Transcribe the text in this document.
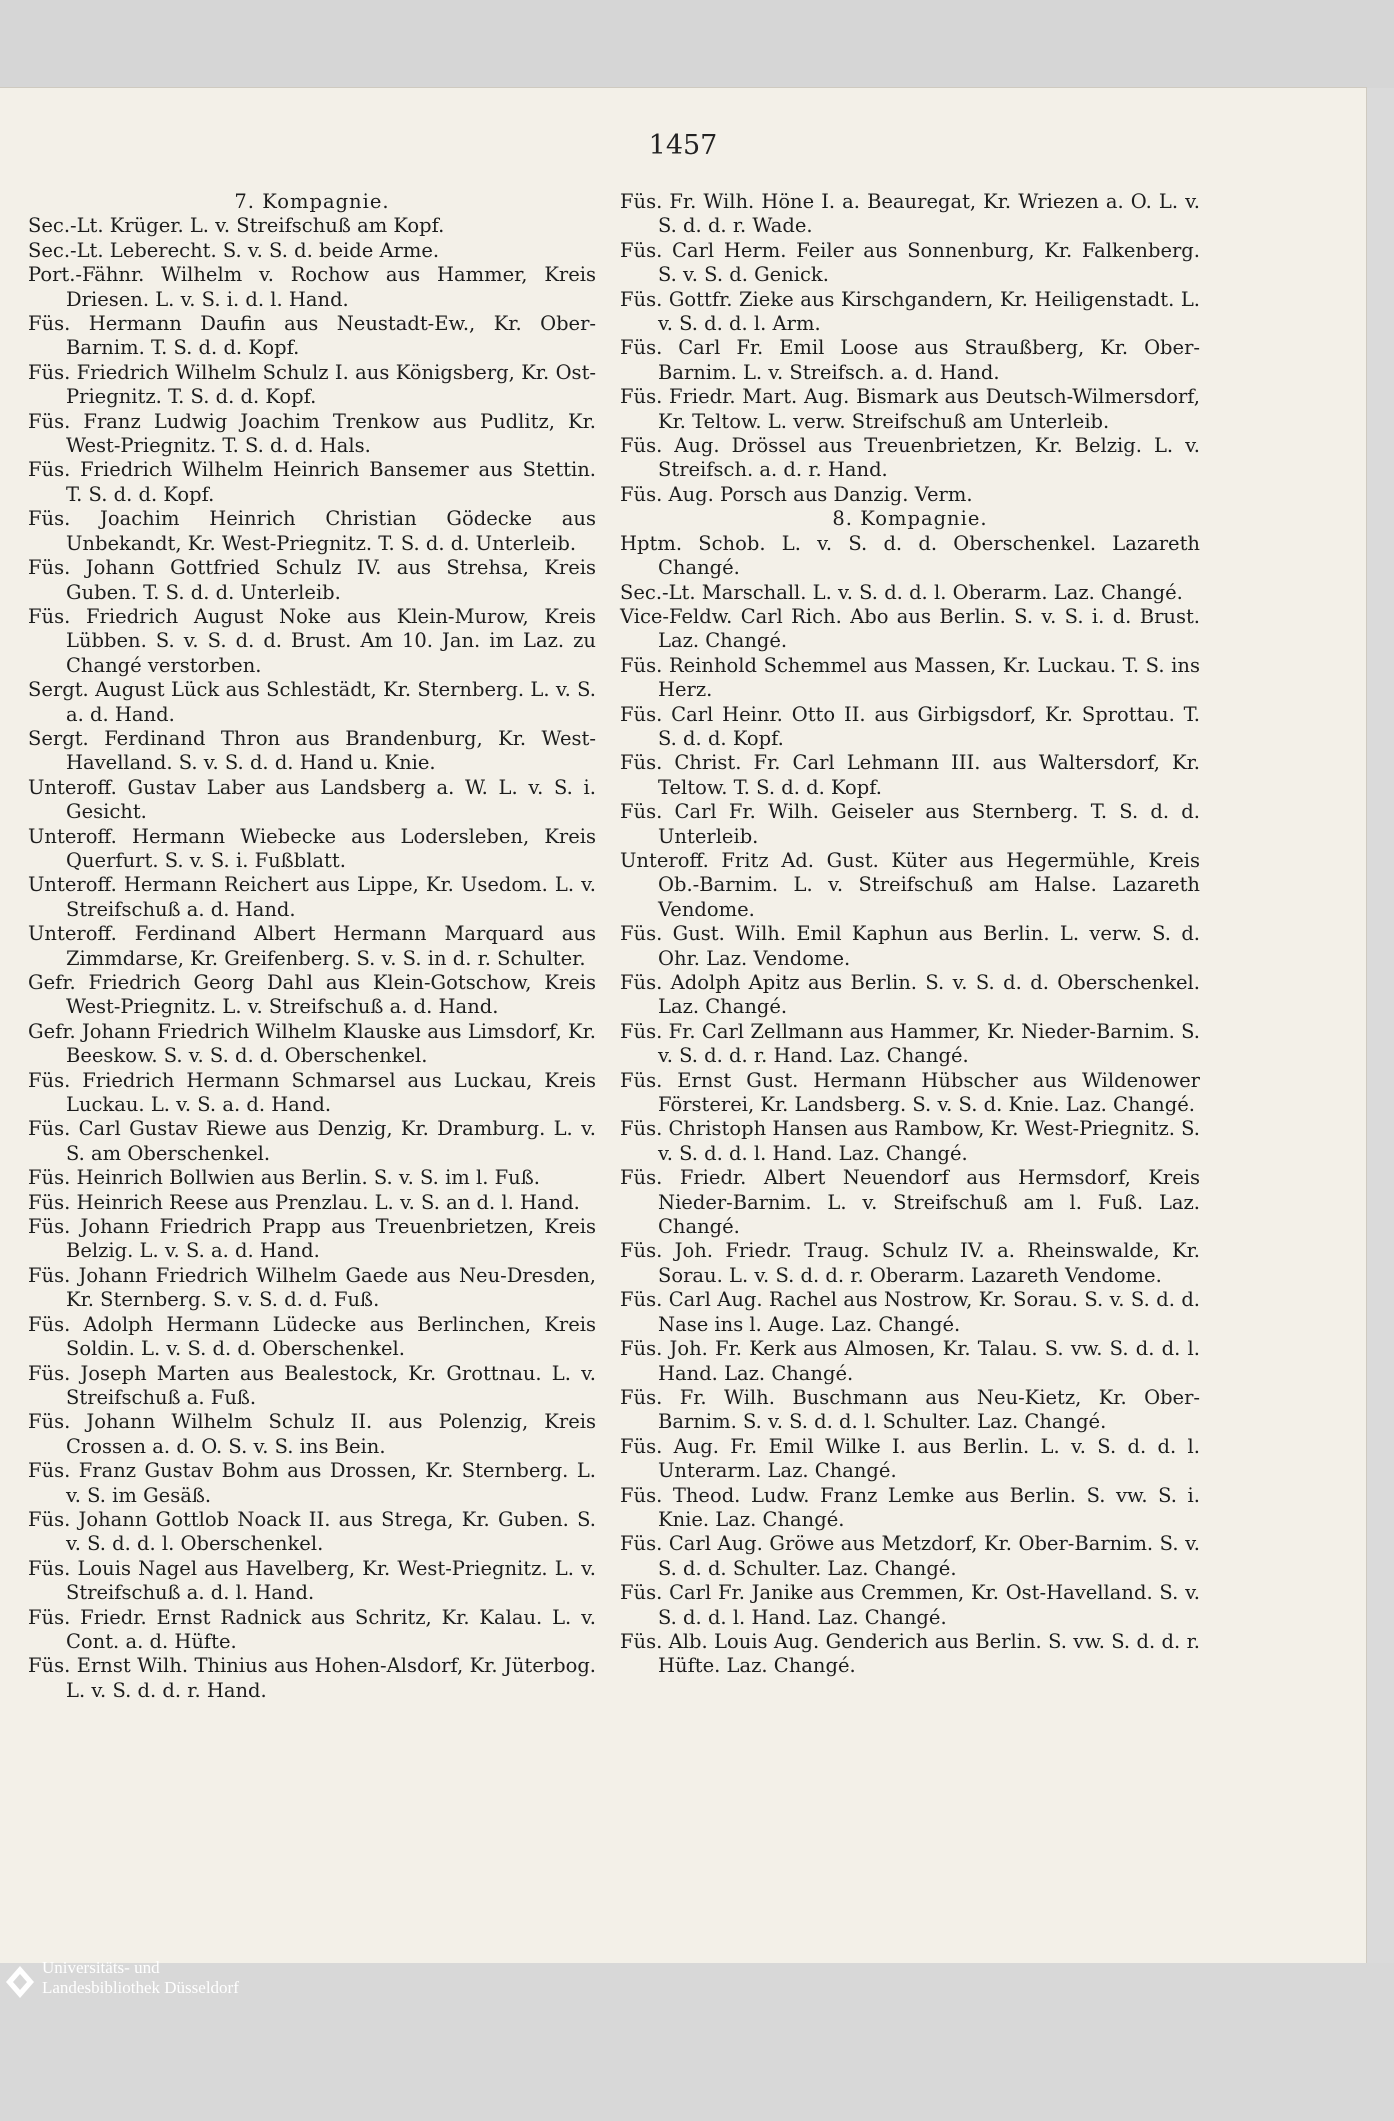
1457

7. Kompagnie.

Sec.-Lt. Krüger. L. v. Streifschuß am Kopf.

Sec.-Lt. Leberecht. S. v. S. d. beide Arme.

Port.-Fähnr. Wilhelm v. Rochow aus Hammer, Kreis Driesen. L. v. S. i. d. l. Hand.

Füs. Hermann Daufin aus Neustadt-Ew., Kr. Ober-Barnim. T. S. d. d. Kopf.

Füs. Friedrich Wilhelm Schulz I. aus Königsberg, Kr. Ost-Priegnitz. T. S. d. d. Kopf.

Füs. Franz Ludwig Joachim Trenkow aus Pudlitz, Kr. West-Priegnitz. T. S. d. d. Hals.

Füs. Friedrich Wilhelm Heinrich Bansemer aus Stettin. T. S. d. d. Kopf.

Füs. Joachim Heinrich Christian Gödecke aus Unbekandt, Kr. West-Priegnitz. T. S. d. d. Unterleib.

Füs. Johann Gottfried Schulz IV. aus Strehsa, Kreis Guben. T. S. d. d. Unterleib.

Füs. Friedrich August Noke aus Klein-Murow, Kreis Lübben. S. v. S. d. d. Brust. Am 10. Jan. im Laz. zu Changé verstorben.

Sergt. August Lück aus Schlestädt, Kr. Sternberg. L. v. S. a. d. Hand.

Sergt. Ferdinand Thron aus Brandenburg, Kr. West-Havelland. S. v. S. d. d. Hand u. Knie.

Unteroff. Gustav Laber aus Landsberg a. W. L. v. S. i. Gesicht.

Unteroff. Hermann Wiebecke aus Lodersleben, Kreis Querfurt. S. v. S. i. Fußblatt.

Unteroff. Hermann Reichert aus Lippe, Kr. Usedom. L. v. Streifschuß a. d. Hand.

Unteroff. Ferdinand Albert Hermann Marquard aus Zimmdarse, Kr. Greifenberg. S. v. S. in d. r. Schulter.

Gefr. Friedrich Georg Dahl aus Klein-Gotschow, Kreis West-Priegnitz. L. v. Streifschuß a. d. Hand.

Gefr. Johann Friedrich Wilhelm Klauske aus Limsdorf, Kr. Beeskow. S. v. S. d. d. Oberschenkel.

Füs. Friedrich Hermann Schmarsel aus Luckau, Kreis Luckau. L. v. S. a. d. Hand.

Füs. Carl Gustav Riewe aus Denzig, Kr. Dramburg. L. v. S. am Oberschenkel.

Füs. Heinrich Bollwien aus Berlin. S. v. S. im l. Fuß.

Füs. Heinrich Reese aus Prenzlau. L. v. S. an d. l. Hand.

Füs. Johann Friedrich Prapp aus Treuenbrietzen, Kreis Belzig. L. v. S. a. d. Hand.

Füs. Johann Friedrich Wilhelm Gaede aus Neu-Dresden, Kr. Sternberg. S. v. S. d. d. Fuß.

Füs. Adolph Hermann Lüdecke aus Berlinchen, Kreis Soldin. L. v. S. d. d. Oberschenkel.

Füs. Joseph Marten aus Bealestock, Kr. Grottnau. L. v. Streifschuß a. Fuß.

Füs. Johann Wilhelm Schulz II. aus Polenzig, Kreis Crossen a. d. O. S. v. S. ins Bein.

Füs. Franz Gustav Bohm aus Drossen, Kr. Sternberg. L. v. S. im Gesäß.

Füs. Johann Gottlob Noack II. aus Strega, Kr. Guben. S. v. S. d. d. l. Oberschenkel.

Füs. Louis Nagel aus Havelberg, Kr. West-Priegnitz. L. v. Streifschuß a. d. l. Hand.

Füs. Friedr. Ernst Radnick aus Schritz, Kr. Kalau. L. v. Cont. a. d. Hüfte.

Füs. Ernst Wilh. Thinius aus Hohen-Alsdorf, Kr. Jüterbog. L. v. S. d. d. r. Hand.

Füs. Fr. Wilh. Höne I. a. Beauregat, Kr. Wriezen a. O. L. v. S. d. d. r. Wade.

Füs. Carl Herm. Feiler aus Sonnenburg, Kr. Falkenberg. S. v. S. d. Genick.

Füs. Gottfr. Zieke aus Kirschgandern, Kr. Heiligenstadt. L. v. S. d. d. l. Arm.

Füs. Carl Fr. Emil Loose aus Straußberg, Kr. Ober-Barnim. L. v. Streifsch. a. d. Hand.

Füs. Friedr. Mart. Aug. Bismark aus Deutsch-Wilmersdorf, Kr. Teltow. L. verw. Streifschuß am Unterleib.

Füs. Aug. Drössel aus Treuenbrietzen, Kr. Belzig. L. v. Streifsch. a. d. r. Hand.

Füs. Aug. Porsch aus Danzig. Verm.

8. Kompagnie.

Hptm. Schob. L. v. S. d. d. Oberschenkel. Lazareth Changé.

Sec.-Lt. Marschall. L. v. S. d. d. l. Oberarm. Laz. Changé.

Vice-Feldw. Carl Rich. Abo aus Berlin. S. v. S. i. d. Brust. Laz. Changé.

Füs. Reinhold Schemmel aus Massen, Kr. Luckau. T. S. ins Herz.

Füs. Carl Heinr. Otto II. aus Girbigsdorf, Kr. Sprottau. T. S. d. d. Kopf.

Füs. Christ. Fr. Carl Lehmann III. aus Waltersdorf, Kr. Teltow. T. S. d. d. Kopf.

Füs. Carl Fr. Wilh. Geiseler aus Sternberg. T. S. d. d. Unterleib.

Unteroff. Fritz Ad. Gust. Küter aus Hegermühle, Kreis Ob.-Barnim. L. v. Streifschuß am Halse. Lazareth Vendome.

Füs. Gust. Wilh. Emil Kaphun aus Berlin. L. verw. S. d. Ohr. Laz. Vendome.

Füs. Adolph Apitz aus Berlin. S. v. S. d. d. Oberschenkel. Laz. Changé.

Füs. Fr. Carl Zellmann aus Hammer, Kr. Nieder-Barnim. S. v. S. d. d. r. Hand. Laz. Changé.

Füs. Ernst Gust. Hermann Hübscher aus Wildenower Försterei, Kr. Landsberg. S. v. S. d. Knie. Laz. Changé.

Füs. Christoph Hansen aus Rambow, Kr. West-Priegnitz. S. v. S. d. d. l. Hand. Laz. Changé.

Füs. Friedr. Albert Neuendorf aus Hermsdorf, Kreis Nieder-Barnim. L. v. Streifschuß am l. Fuß. Laz. Changé.

Füs. Joh. Friedr. Traug. Schulz IV. a. Rheinswalde, Kr. Sorau. L. v. S. d. d. r. Oberarm. Lazareth Vendome.

Füs. Carl Aug. Rachel aus Nostrow, Kr. Sorau. S. v. S. d. d. Nase ins l. Auge. Laz. Changé.

Füs. Joh. Fr. Kerk aus Almosen, Kr. Talau. S. vw. S. d. d. l. Hand. Laz. Changé.

Füs. Fr. Wilh. Buschmann aus Neu-Kietz, Kr. Ober-Barnim. S. v. S. d. d. l. Schulter. Laz. Changé.

Füs. Aug. Fr. Emil Wilke I. aus Berlin. L. v. S. d. d. l. Unterarm. Laz. Changé.

Füs. Theod. Ludw. Franz Lemke aus Berlin. S. vw. S. i. Knie. Laz. Changé.

Füs. Carl Aug. Gröwe aus Metzdorf, Kr. Ober-Barnim. S. v. S. d. d. Schulter. Laz. Changé.

Füs. Carl Fr. Janike aus Cremmen, Kr. Ost-Havelland. S. v. S. d. d. l. Hand. Laz. Changé.

Füs. Alb. Louis Aug. Genderich aus Berlin. S. vw. S. d. d. r. Hüfte. Laz. Changé.

Universitäts- und
Landesbibliothek Düsseldorf
